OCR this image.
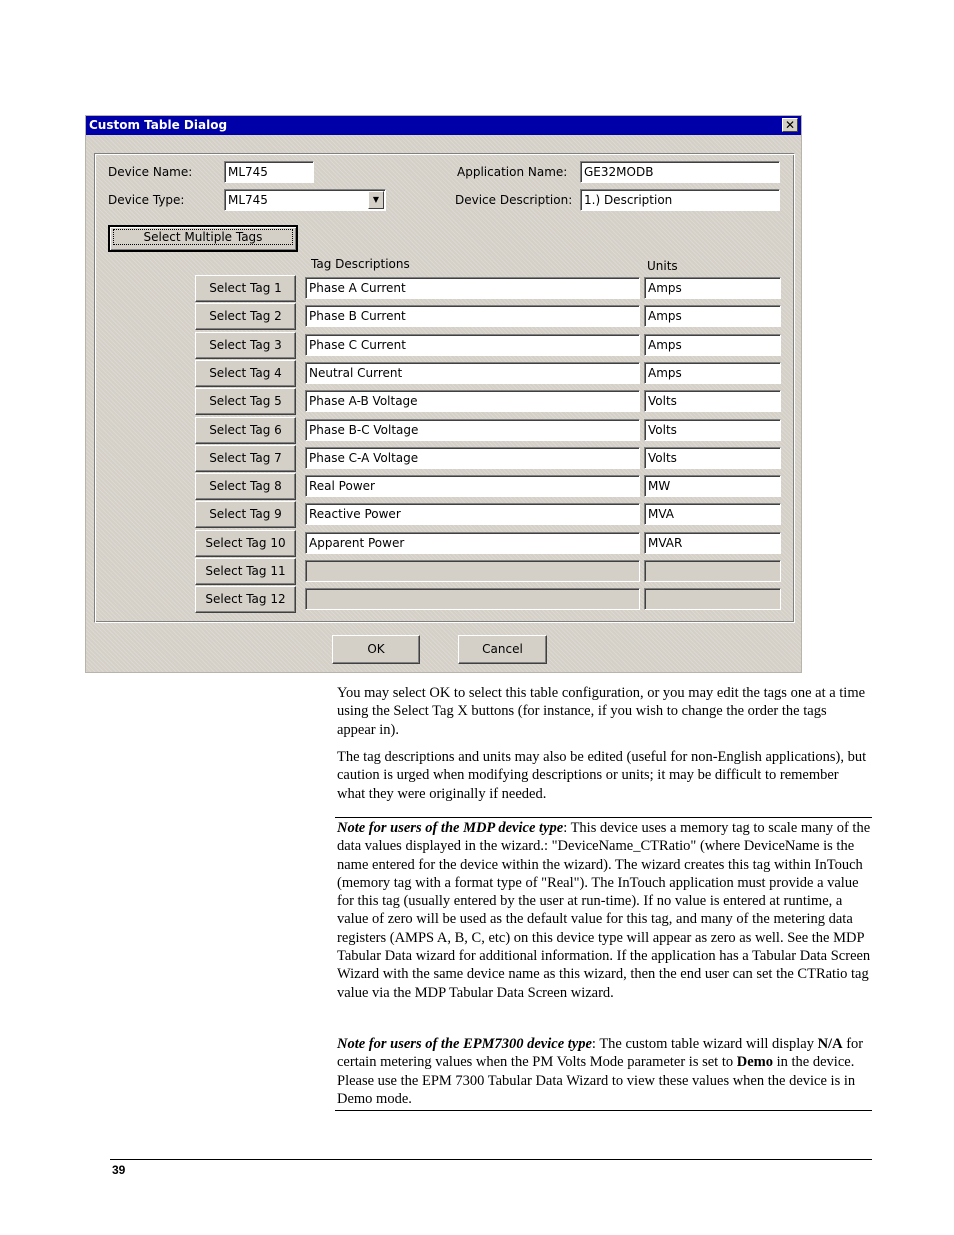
Custom Table Dialog	✕
Device Name:	ML745
Device Type:	ML745	▼
Application Name:	GE32MODB
Device Description: 1.) Description
Select Multiple Tags
Tag Descriptions	Units
Select Tag 1	Phase A Current	Amps
Select Tag 2	Phase B Current	Amps
Select Tag 3	Phase C Current	Amps
Select Tag 4	Neutral Current	Amps
Select Tag 5	Phase A-B Voltage	Volts
Select Tag 6	Phase B-C Voltage	Volts
Select Tag 7	Phase C-A Voltage	Volts
Select Tag 8	Real Power	MW
Select Tag 9	Reactive Power	MVA
Select Tag 10	Apparent Power	MVAR
Select Tag 11
Select Tag 12
OK	Cancel

You may select OK to select this table configuration, or you may edit the tags one at a time using the Select Tag X buttons (for instance, if you wish to change the order the tags appear in).

The tag descriptions and units may also be edited (useful for non-English applications), but caution is urged when modifying descriptions or units; it may be difficult to remember what they were originally if needed.

Note for users of the MDP device type: This device uses a memory tag to scale many of the data values displayed in the wizard.: "DeviceName_CTRatio" (where DeviceName is the name entered for the device within the wizard). The wizard creates this tag within InTouch (memory tag with a format type of "Real"). The InTouch application must provide a value for this tag (usually entered by the user at run-time). If no value is entered at runtime, a value of zero will be used as the default value for this tag, and many of the metering data registers (AMPS A, B, C, etc) on this device type will appear as zero as well. See the MDP Tabular Data wizard for additional information. If the application has a Tabular Data Screen Wizard with the same device name as this wizard, then the end user can set the CTRatio tag value via the MDP Tabular Data Screen wizard.

Note for users of the EPM7300 device type: The custom table wizard will display N/A for certain metering values when the PM Volts Mode parameter is set to Demo in the device. Please use the EPM 7300 Tabular Data Wizard to view these values when the device is in Demo mode.

39
